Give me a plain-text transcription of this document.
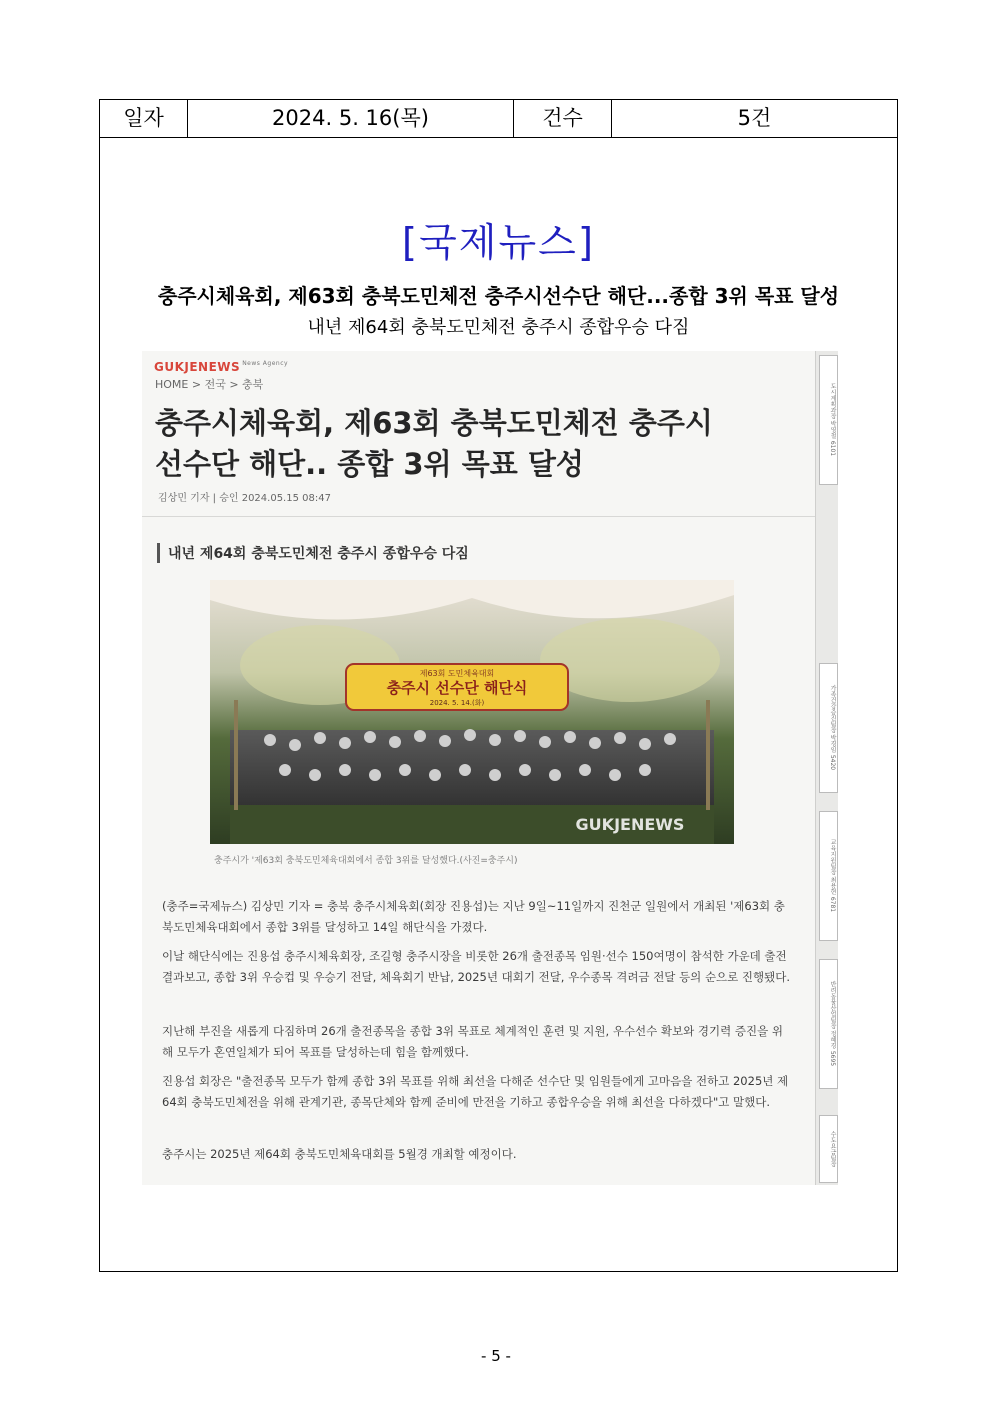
일자	2024. 5. 16(목)	건수	5건
[국제뉴스]
충주시체육회, 제63회 충북도민체전 충주시선수단 해단...종합 3위 목표 달성
내년 제64회 충북도민체전 충주시 종합우승 다짐
GUKJENEWS $^{News Agency}$
HOME > 전국 > 충북
충주시체육회, 제63회 충북도민체전 충주시
선수단 해단.. 종합 3위 목표 달성
김상민 기자 | 승인 2024.05.15 08:47
내년 제64회 충북도민체전 충주시 종합우승 다짐
제63회 도민체육대회
충주시 선수단 해단식
2024. 5. 14.(화)
GUKJENEWS
충주시가 '제63회 충북도민체육대회에서 종합 3위를 달성했다.(사진=충주시)
(충주=국제뉴스) 김상민 기자 = 충북 충주시체육회(회장 진용섭)는 지난 9일~11일까지 진천군 일원에서 개최된 '제63회 충북도민체육대회에서 종합 3위를 달성하고 14일 해단식을 가졌다.
이날 해단식에는 진용섭 충주시체육회장, 조길형 충주시장을 비롯한 26개 출전종목 임원·선수 150여명이 참석한 가운데 출전결과보고, 종합 3위 우승컵 및 우승기 전달, 체육회기 반납, 2025년 대회기 전달, 우수종목 격려금 전달 등의 순으로 진행됐다.
지난해 부진을 새롭게 다짐하며 26개 출전종목을 종합 3위 목표로 체계적인 훈련 및 지원, 우수선수 확보와 경기력 증진을 위해 모두가 혼연일체가 되어 목표를 달성하는데 힘을 함께했다.
진용섭 회장은 "출전종목 모두가 함께 종합 3위 목표를 위해 최선을 다해준 선수단 및 임원들에게 고마음을 전하고 2025년 제64회 충북도민체전을 위해 관계기관, 종목단체와 함께 준비에 만전을 기하고 종합우승을 위해 최선을 다하겠다"고 말했다.
충주시는 2025년 제64회 충북도민체육대회를 5월경 개최할 예정이다.
도시계획과장 박영철 6101
가족건강증진팀장 박경임 5420
교육지원팀장 최용현 6781
반려동물산업팀장 정혜경 5695
수도요금팀장
- 5 -
